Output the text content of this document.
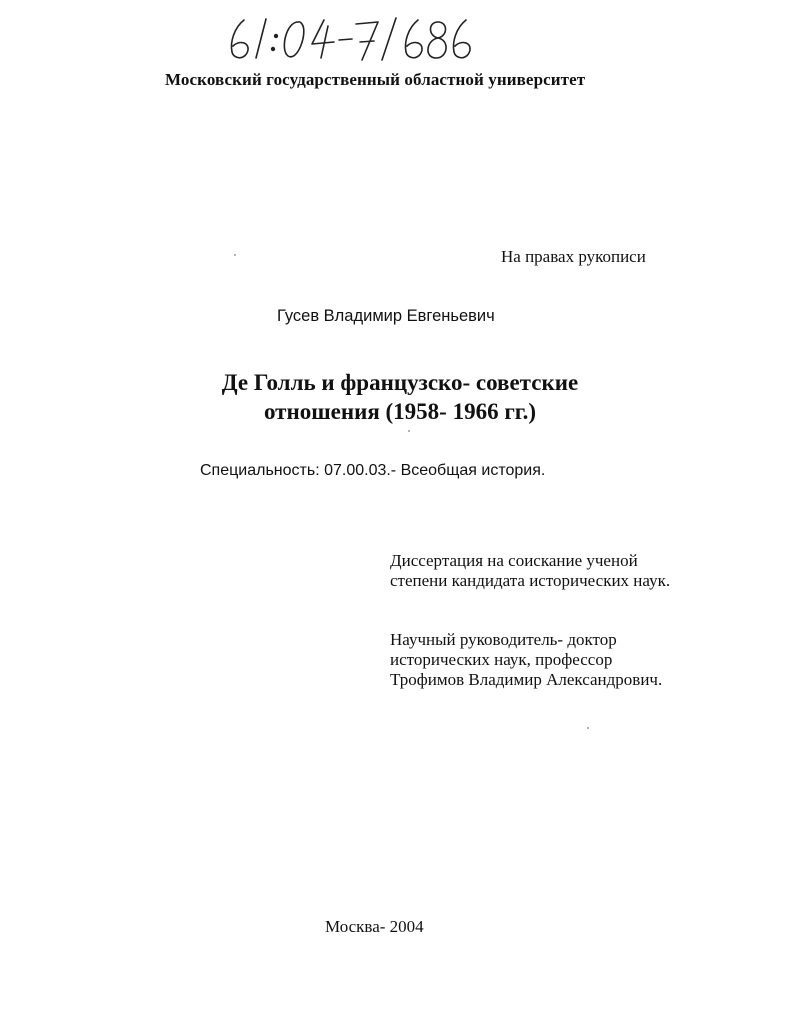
Московский государственный областной университет
На правах рукописи
Гусев Владимир Евгеньевич
Де Голль и французско- советские
отношения (1958- 1966 гг.)
Специальность: 07.00.03.- Всеобщая история.
Диссертация на соискание ученой
степени кандидата исторических наук.
Научный руководитель- доктор
исторических наук, профессор
Трофимов Владимир Александрович.
Москва- 2004
